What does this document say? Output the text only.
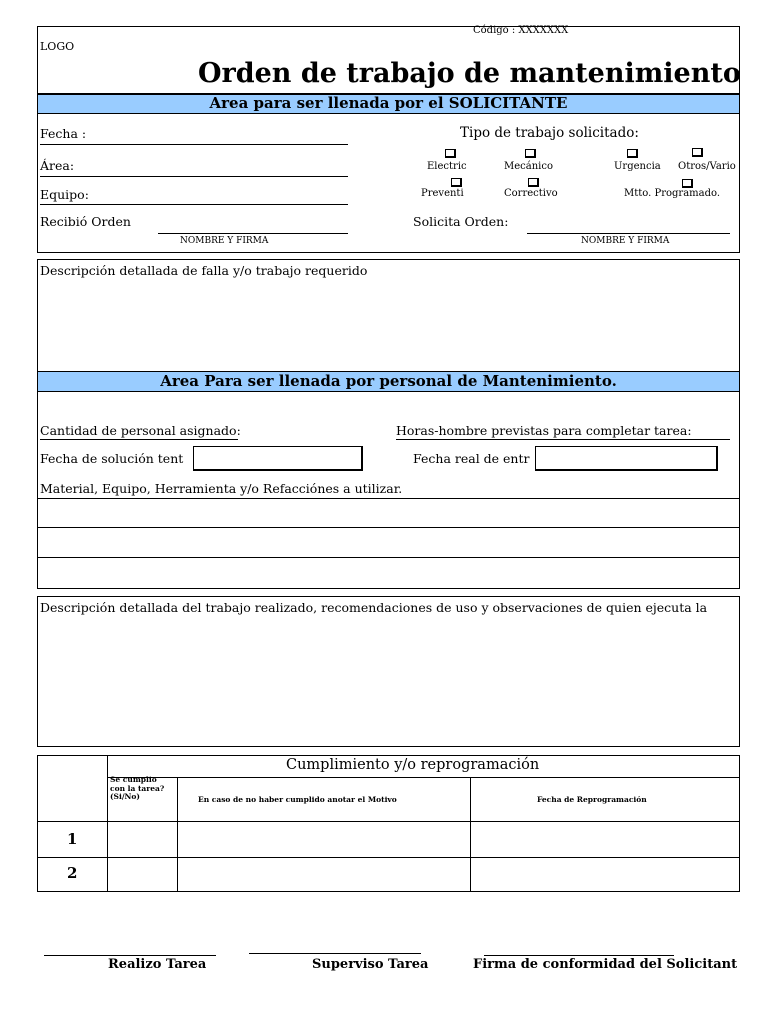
Código : XXXXXXX
LOGO
Orden de trabajo de mantenimiento
Area para ser llenada por el SOLICITANTE
Fecha :
Área:
Equipo:
Recibió Orden
NOMBRE Y FIRMA
Tipo de trabajo solicitado:
Electric	Mecánico	Urgencia Otros/Vario
Preventi	Correctivo	Mtto. Programado.
Solicita Orden:
NOMBRE Y FIRMA
Descripción detallada de falla y/o trabajo requerido
Area Para ser llenada por personal de Mantenimiento.
Cantidad de personal asignado:	Horas-hombre previstas para completar tarea:
Fecha de solución tent	Fecha real de entr
Material, Equipo, Herramienta y/o Refacciónes a utilizar.
Descripción detallada del trabajo realizado, recomendaciones de uso y observaciones de quien ejecuta la
Cumplimiento y/o reprogramación
Se cumplio con la tarea? (Si/No)	En caso de no haber cumplido anotar el Motivo	Fecha de Reprogramación
1
2
Realizo Tarea	Superviso Tarea	Firma de conformidad del Solicitant
